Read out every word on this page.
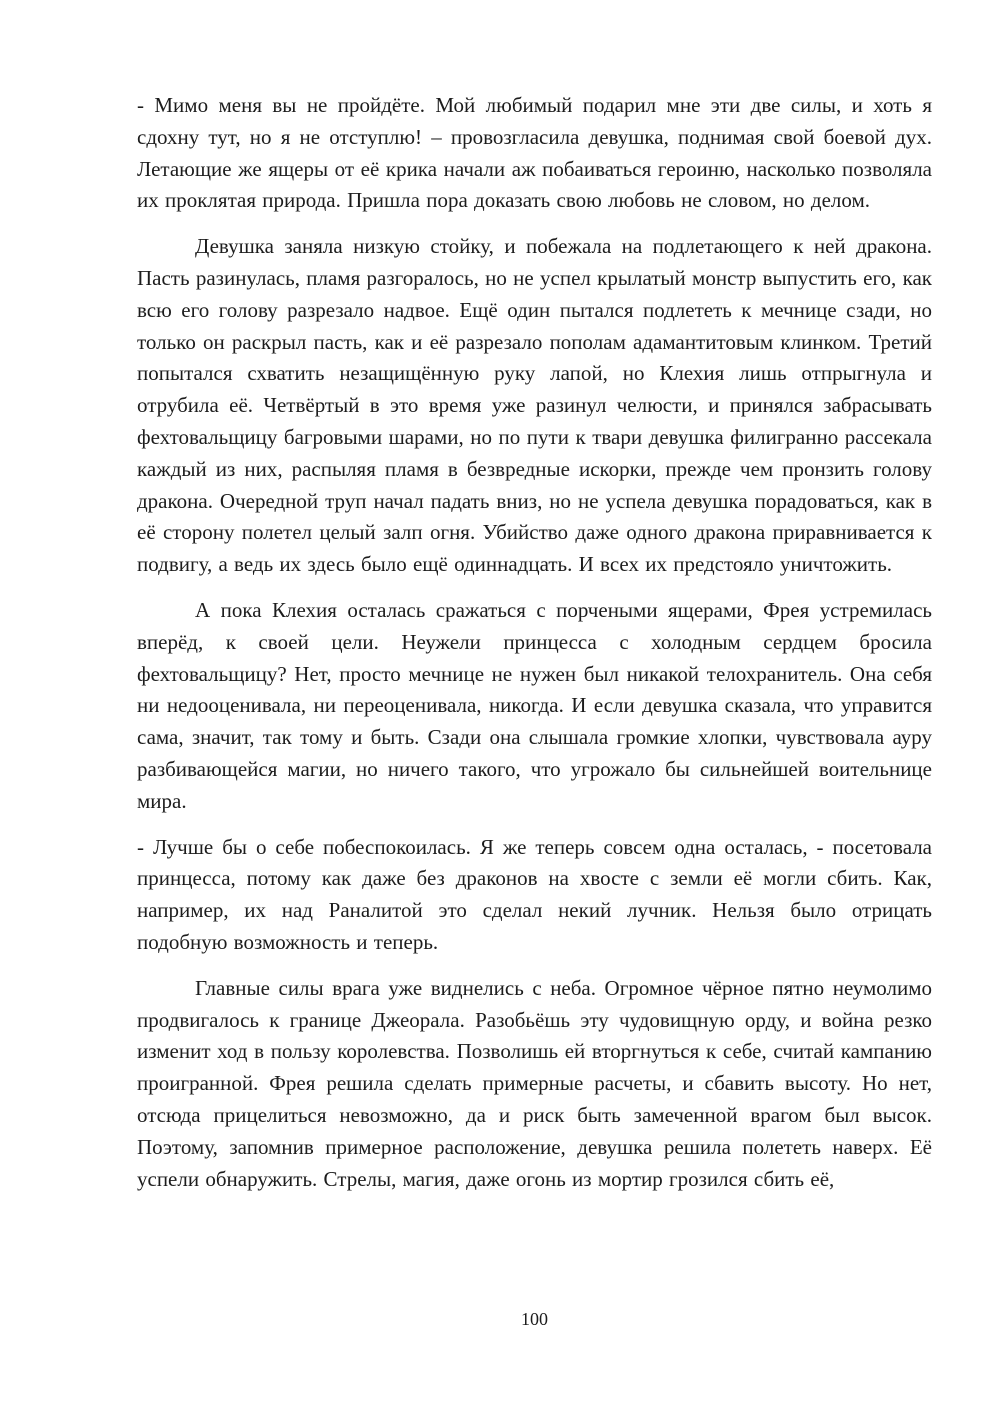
- Мимо меня вы не пройдёте. Мой любимый подарил мне эти две силы, и хоть я сдохну тут, но я не отступлю! – провозгласила девушка, поднимая свой боевой дух. Летающие же ящеры от её крика начали аж побаиваться героиню, насколько позволяла их проклятая природа. Пришла пора доказать свою любовь не словом, но делом.

Девушка заняла низкую стойку, и побежала на подлетающего к ней дракона. Пасть разинулась, пламя разгоралось, но не успел крылатый монстр выпустить его, как всю его голову разрезало надвое. Ещё один пытался подлететь к мечнице сзади, но только он раскрыл пасть, как и её разрезало пополам адамантитовым клинком. Третий попытался схватить незащищённую руку лапой, но Клехия лишь отпрыгнула и отрубила её. Четвёртый в это время уже разинул челюсти, и принялся забрасывать фехтовальщицу багровыми шарами, но по пути к твари девушка филигранно рассекала каждый из них, распыляя пламя в безвредные искорки, прежде чем пронзить голову дракона. Очередной труп начал падать вниз, но не успела девушка порадоваться, как в её сторону полетел целый залп огня. Убийство даже одного дракона приравнивается к подвигу, а ведь их здесь было ещё одиннадцать. И всех их предстояло уничтожить.

А пока Клехия осталась сражаться с порчеными ящерами, Фрея устремилась вперёд, к своей цели. Неужели принцесса с холодным сердцем бросила фехтовальщицу? Нет, просто мечнице не нужен был никакой телохранитель. Она себя ни недооценивала, ни переоценивала, никогда. И если девушка сказала, что управится сама, значит, так тому и быть. Сзади она слышала громкие хлопки, чувствовала ауру разбивающейся магии, но ничего такого, что угрожало бы сильнейшей воительнице мира.

- Лучше бы о себе побеспокоилась. Я же теперь совсем одна осталась, - посетовала принцесса, потому как даже без драконов на хвосте с земли её могли сбить. Как, например, их над Раналитой это сделал некий лучник. Нельзя было отрицать подобную возможность и теперь.

Главные силы врага уже виднелись с неба. Огромное чёрное пятно неумолимо продвигалось к границе Джеорала. Разобьёшь эту чудовищную орду, и война резко изменит ход в пользу королевства. Позволишь ей вторгнуться к себе, считай кампанию проигранной. Фрея решила сделать примерные расчеты, и сбавить высоту. Но нет, отсюда прицелиться невозможно, да и риск быть замеченной врагом был высок. Поэтому, запомнив примерное расположение, девушка решила полететь наверх. Её успели обнаружить. Стрелы, магия, даже огонь из мортир грозился сбить её,

100
